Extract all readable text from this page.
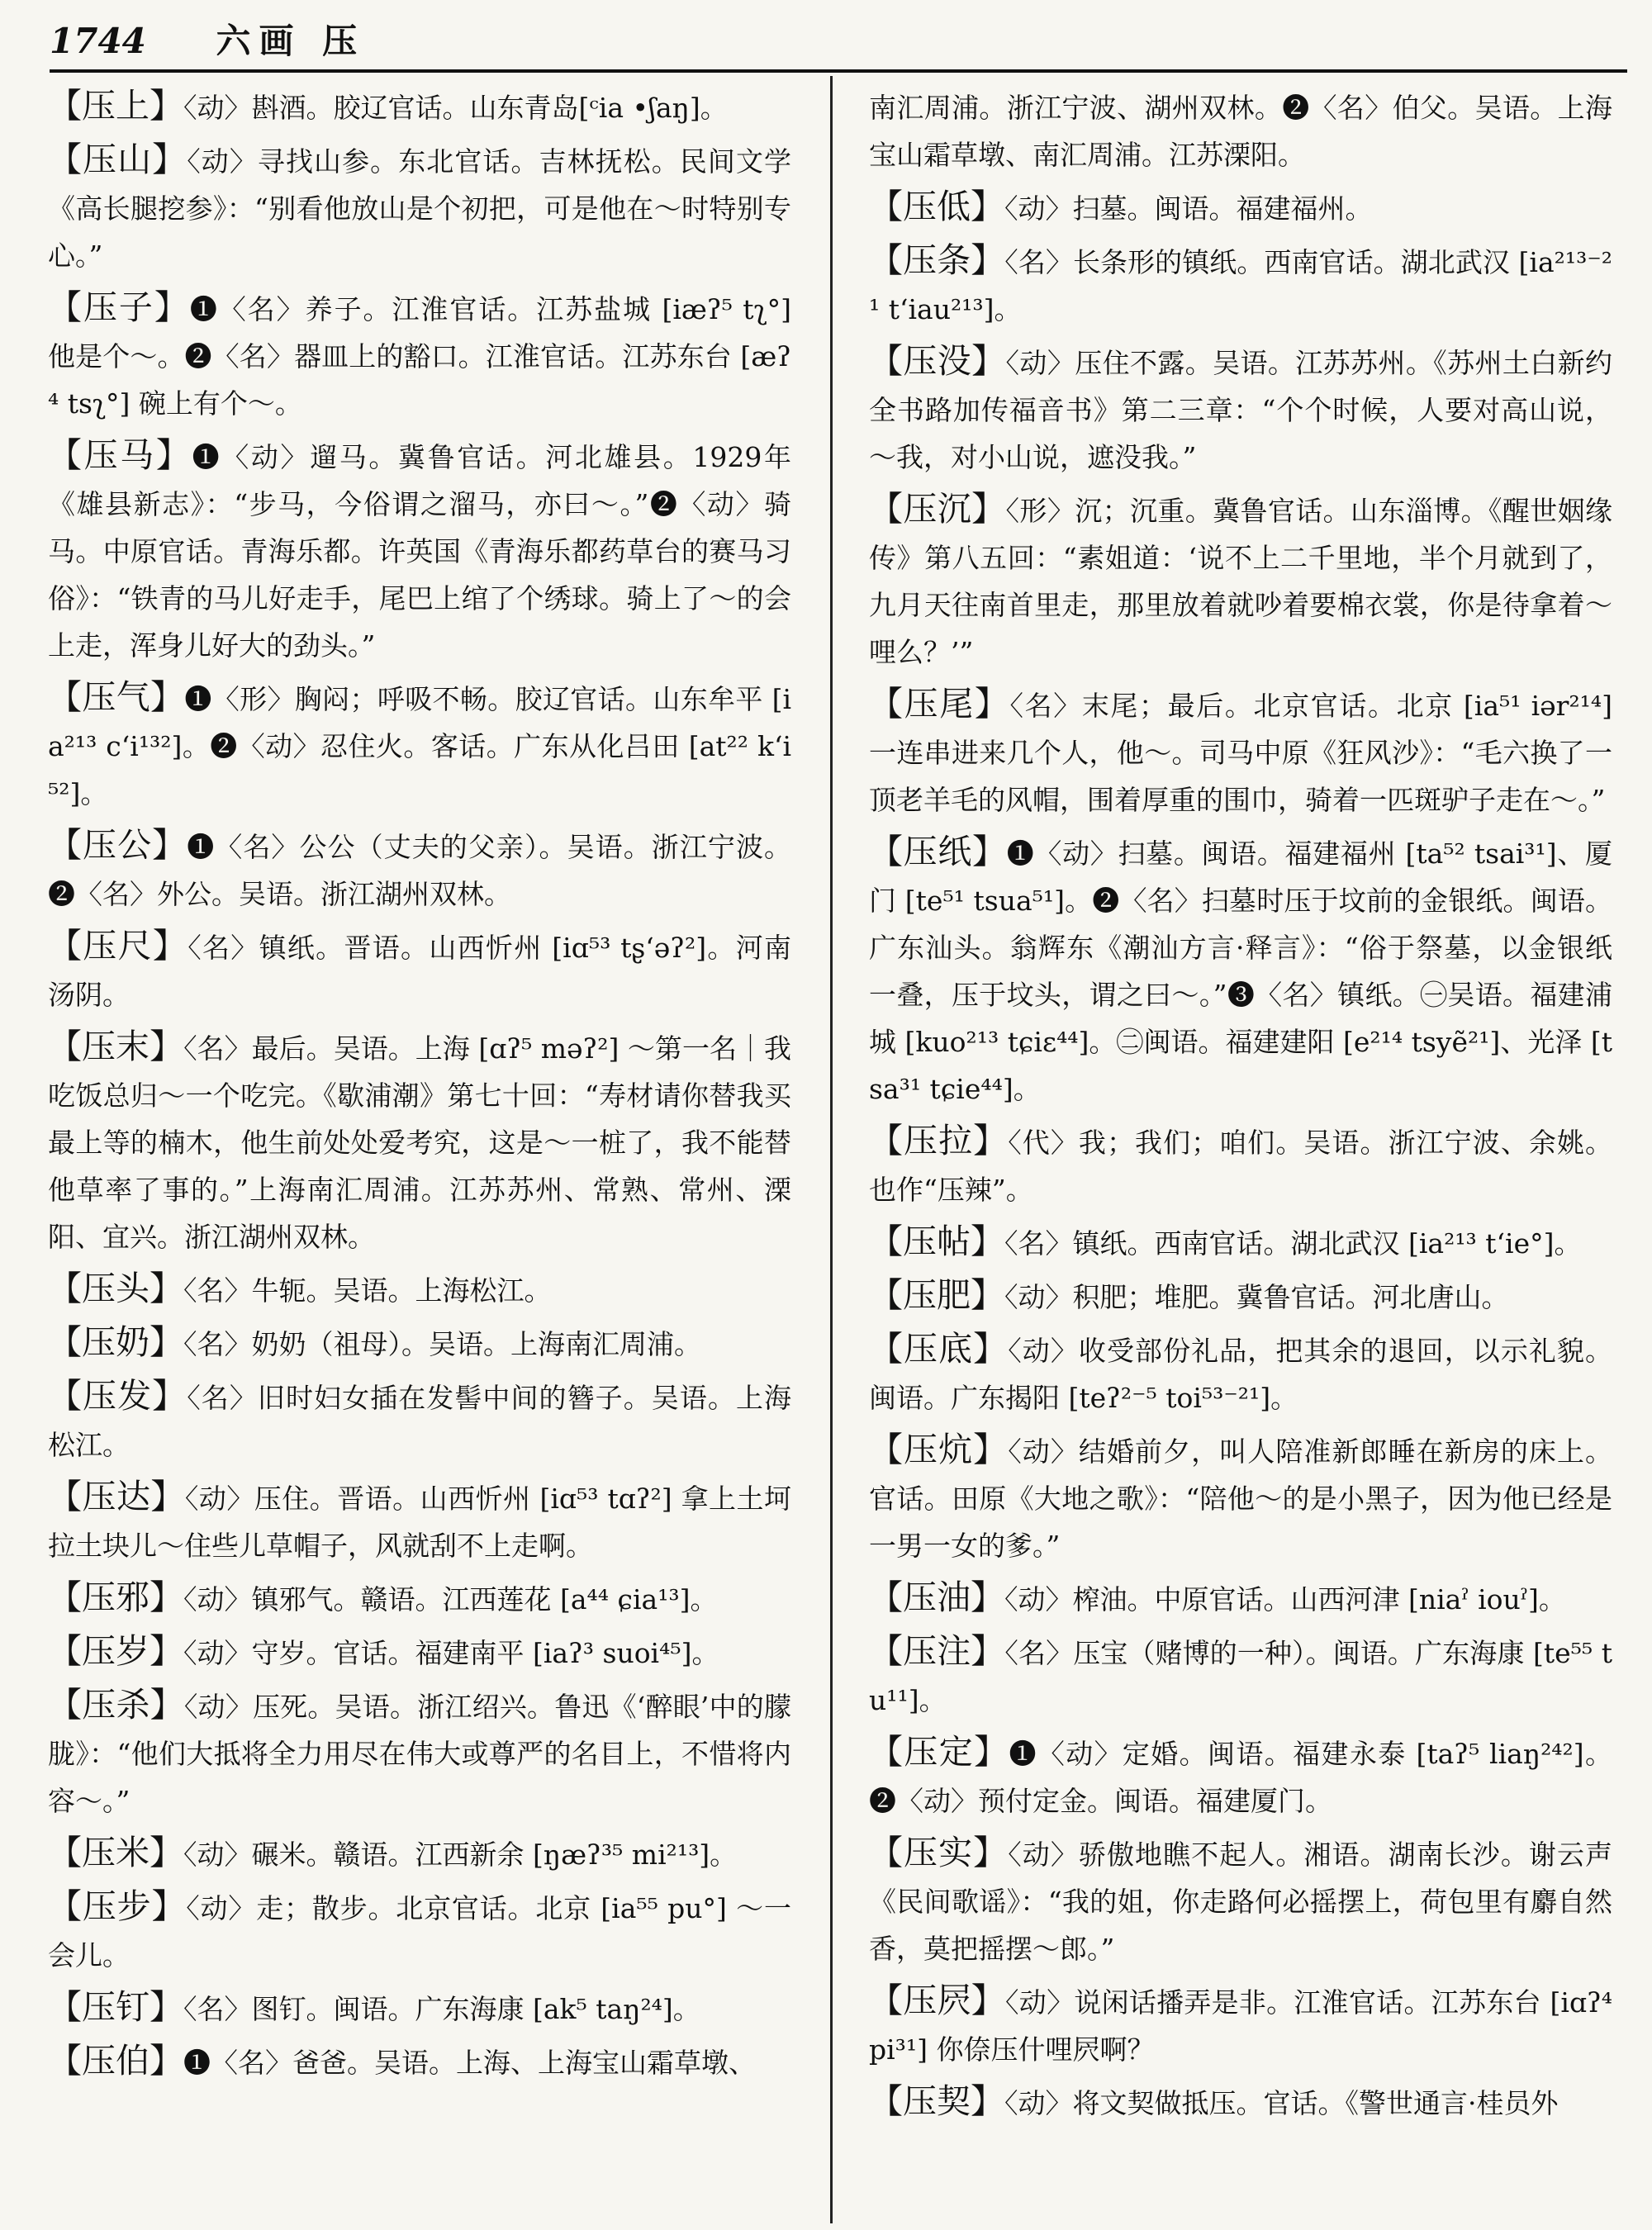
1744 六画 压

【压上】〈动〉斟酒。胶辽官话。山东青岛[ᶜia •ʃaŋ]。

【压山】〈动〉寻找山参。东北官话。吉林抚松。民间文学《高长腿挖参》：“别看他放山是个初把，可是他在～时特别专心。”

【压子】❶〈名〉养子。江淮官话。江苏盐城 [iæʔ⁵ tʅ°] 他是个～。❷〈名〉器皿上的豁口。江淮官话。江苏东台 [æʔ⁴ tsʅ°] 碗上有个～。

【压马】❶〈动〉遛马。冀鲁官话。河北雄县。1929年《雄县新志》：“步马，今俗谓之溜马，亦曰～。”❷〈动〉骑马。中原官话。青海乐都。许英国《青海乐都药草台的赛马习俗》：“铁青的马儿好走手，尾巴上绾了个绣球。骑上了～的会上走，浑身儿好大的劲头。”

【压气】❶〈形〉胸闷；呼吸不畅。胶辽官话。山东牟平 [ia²¹³ cʻi¹³²]。❷〈动〉忍住火。客话。广东从化吕田 [at²² kʻi⁵²]。

【压公】❶〈名〉公公（丈夫的父亲）。吴语。浙江宁波。❷〈名〉外公。吴语。浙江湖州双林。

【压尺】〈名〉镇纸。晋语。山西忻州 [iɑ⁵³ tʂʻəʔ²]。河南汤阴。

【压末】〈名〉最后。吴语。上海 [ɑʔ⁵ məʔ²] ～第一名｜我吃饭总归～一个吃完。《歇浦潮》第七十回：“寿材请你替我买最上等的楠木，他生前处处爱考究，这是～一桩了，我不能替他草率了事的。”上海南汇周浦。江苏苏州、常熟、常州、溧阳、宜兴。浙江湖州双林。

【压头】〈名〉牛轭。吴语。上海松江。

【压奶】〈名〉奶奶（祖母）。吴语。上海南汇周浦。

【压发】〈名〉旧时妇女插在发髻中间的簪子。吴语。上海松江。

【压达】〈动〉压住。晋语。山西忻州 [iɑ⁵³ tɑʔ²] 拿上土坷拉土块儿～住些儿草帽子，风就刮不上走啊。

【压邪】〈动〉镇邪气。赣语。江西莲花 [a⁴⁴ ɕia¹³]。

【压岁】〈动〉守岁。官话。福建南平 [iaʔ³ suoi⁴⁵]。

【压杀】〈动〉压死。吴语。浙江绍兴。鲁迅《‘醉眼’中的朦胧》：“他们大抵将全力用尽在伟大或尊严的名目上，不惜将内容～。”

【压米】〈动〉碾米。赣语。江西新余 [ŋæʔ³⁵ mi²¹³]。

【压步】〈动〉走；散步。北京官话。北京 [ia⁵⁵ pu°] ～一会儿。

【压钉】〈名〉图钉。闽语。广东海康 [ak⁵ taŋ²⁴]。

【压伯】❶〈名〉爸爸。吴语。上海、上海宝山霜草墩、

南汇周浦。浙江宁波、湖州双林。❷〈名〉伯父。吴语。上海宝山霜草墩、南汇周浦。江苏溧阳。

【压低】〈动〉扫墓。闽语。福建福州。

【压条】〈名〉长条形的镇纸。西南官话。湖北武汉 [ia²¹³⁻²¹ tʻiau²¹³]。

【压没】〈动〉压住不露。吴语。江苏苏州。《苏州土白新约全书路加传福音书》第二三章：“个个时候，人要对高山说，～我，对小山说，遮没我。”

【压沉】〈形〉沉；沉重。冀鲁官话。山东淄博。《醒世姻缘传》第八五回：“素姐道：‘说不上二千里地，半个月就到了，九月天往南首里走，那里放着就吵着要棉衣裳，你是待拿着～哩么？’”

【压尾】〈名〉末尾；最后。北京官话。北京 [ia⁵¹ iər²¹⁴] 一连串进来几个人，他～。司马中原《狂风沙》：“毛六换了一顶老羊毛的风帽，围着厚重的围巾，骑着一匹斑驴子走在～。”

【压纸】❶〈动〉扫墓。闽语。福建福州 [ta⁵² tsai³¹]、厦门 [te⁵¹ tsua⁵¹]。❷〈名〉扫墓时压于坟前的金银纸。闽语。广东汕头。翁辉东《潮汕方言·释言》：“俗于祭墓，以金银纸一叠，压于坟头，谓之曰～。”❸〈名〉镇纸。㊀吴语。福建浦城 [kuo²¹³ tɕiɛ⁴⁴]。㊁闽语。福建建阳 [e²¹⁴ tsyẽ²¹]、光泽 [tsa³¹ tɕie⁴⁴]。

【压拉】〈代〉我；我们；咱们。吴语。浙江宁波、余姚。也作“压辣”。

【压帖】〈名〉镇纸。西南官话。湖北武汉 [ia²¹³ tʻie°]。

【压肥】〈动〉积肥；堆肥。冀鲁官话。河北唐山。

【压底】〈动〉收受部份礼品，把其余的退回，以示礼貌。闽语。广东揭阳 [teʔ²⁻⁵ toi⁵³⁻²¹]。

【压炕】〈动〉结婚前夕，叫人陪准新郎睡在新房的床上。官话。田原《大地之歌》：“陪他～的是小黑子，因为他已经是一男一女的爹。”

【压油】〈动〉榨油。中原官话。山西河津 [niaˀ iouˀ]。

【压注】〈名〉压宝（赌博的一种）。闽语。广东海康 [te⁵⁵ tu¹¹]。

【压定】❶〈动〉定婚。闽语。福建永泰 [taʔ⁵ liaŋ²⁴²]。❷〈动〉预付定金。闽语。福建厦门。

【压实】〈动〉骄傲地瞧不起人。湘语。湖南长沙。谢云声《民间歌谣》：“我的姐，你走路何必摇摆上，荷包里有麝自然香，莫把摇摆～郎。”

【压屄】〈动〉说闲话播弄是非。江淮官话。江苏东台 [iɑʔ⁴ pi³¹] 你倷压什哩屄啊？

【压契】〈动〉将文契做抵压。官话。《警世通言·桂员外
